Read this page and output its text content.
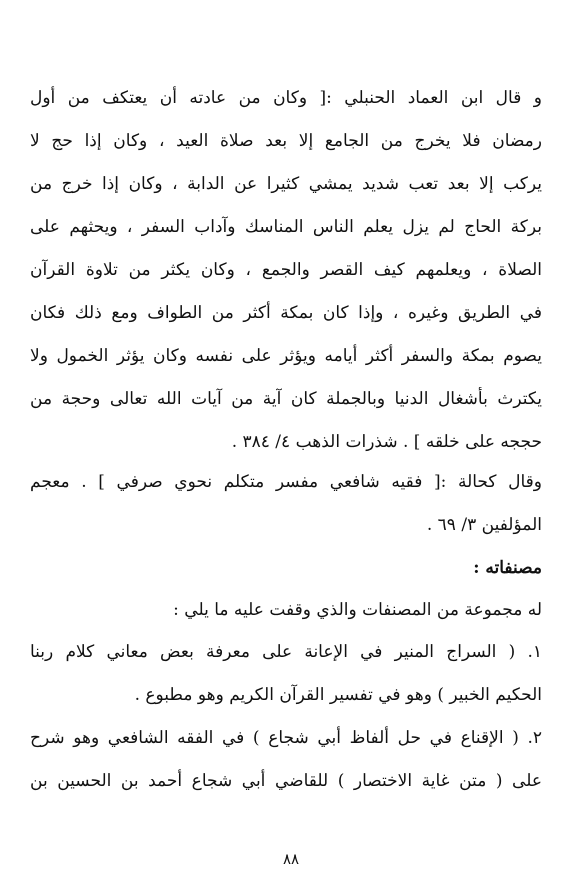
و قال ابن العماد الحنبلي :[ وكان من عادته أن يعتكف من أول
رمضان فلا يخرج من الجامع إلا بعد صلاة العيد ، وكان إذا حج لا
يركب إلا بعد تعب شديد يمشي كثيرا عن الدابة ، وكان إذا خرج من
بركة الحاج لم يزل يعلم الناس المناسك وآداب السفر ، ويحثهم على
الصلاة ، ويعلمهم كيف القصر والجمع ، وكان يكثر من تلاوة القرآن
في الطريق وغيره ، وإذا كان بمكة أكثر من الطواف ومع ذلك فكان
يصوم بمكة والسفر أكثر أيامه ويؤثر على نفسه وكان يؤثر الخمول ولا
يكترث بأشغال الدنيا وبالجملة كان آية من آيات الله تعالى وحجة من
حججه على خلقه ] . شذرات الذهب ٤/ ٣٨٤ .
وقال كحالة :[ فقيه شافعي مفسر متكلم نحوي صرفي ] . معجم
المؤلفين ٣/ ٦٩ .
مصنفاته :
له مجموعة من المصنفات والذي وقفت عليه ما يلي :
١. ( السراج المنير في الإعانة على معرفة بعض معاني كلام ربنا
الحكيم الخبير ) وهو في تفسير القرآن الكريم وهو مطبوع .
٢. ( الإقناع في حل ألفاظ أبي شجاع ) في الفقه الشافعي وهو شرح
على ( متن غاية الاختصار ) للقاضي أبي شجاع أحمد بن الحسين بن
٨٨
